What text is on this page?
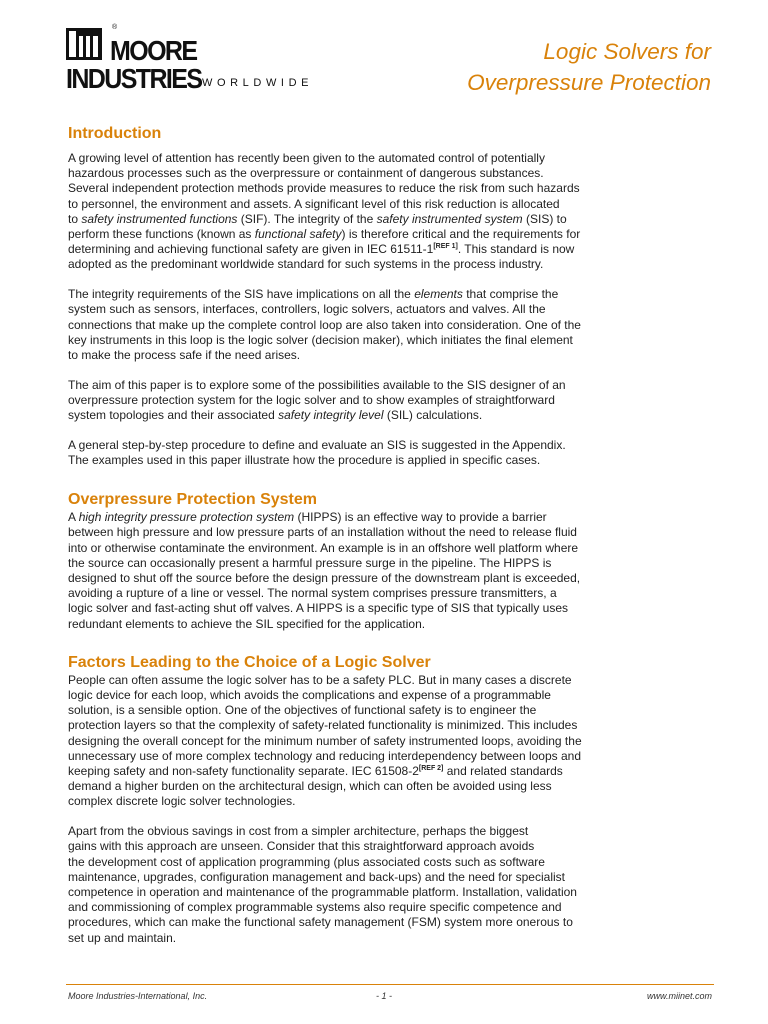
®
MOORE
INDUSTRIES WORLDWIDE
Logic Solvers for
Overpressure Protection
Introduction

A growing level of attention has recently been given to the automated control of potentially
hazardous processes such as the overpressure or containment of dangerous substances.
Several independent protection methods provide measures to reduce the risk from such hazards
to personnel, the environment and assets. A significant level of this risk reduction is allocated
to safety instrumented functions (SIF). The integrity of the safety instrumented system (SIS) to
perform these functions (known as functional safety) is therefore critical and the requirements for
determining and achieving functional safety are given in IEC 61511-1[REF 1]. This standard is now
adopted as the predominant worldwide standard for such systems in the process industry.

The integrity requirements of the SIS have implications on all the elements that comprise the
system such as sensors, interfaces, controllers, logic solvers, actuators and valves. All the
connections that make up the complete control loop are also taken into consideration. One of the
key instruments in this loop is the logic solver (decision maker), which initiates the final element
to make the process safe if the need arises.

The aim of this paper is to explore some of the possibilities available to the SIS designer of an
overpressure protection system for the logic solver and to show examples of straightforward
system topologies and their associated safety integrity level (SIL) calculations.

A general step-by-step procedure to define and evaluate an SIS is suggested in the Appendix.
The examples used in this paper illustrate how the procedure is applied in specific cases.

Overpressure Protection System

A high integrity pressure protection system (HIPPS) is an effective way to provide a barrier
between high pressure and low pressure parts of an installation without the need to release fluid
into or otherwise contaminate the environment. An example is in an offshore well platform where
the source can occasionally present a harmful pressure surge in the pipeline. The HIPPS is
designed to shut off the source before the design pressure of the downstream plant is exceeded,
avoiding a rupture of a line or vessel. The normal system comprises pressure transmitters, a
logic solver and fast-acting shut off valves. A HIPPS is a specific type of SIS that typically uses
redundant elements to achieve the SIL specified for the application.

Factors Leading to the Choice of a Logic Solver

People can often assume the logic solver has to be a safety PLC. But in many cases a discrete
logic device for each loop, which avoids the complications and expense of a programmable
solution, is a sensible option. One of the objectives of functional safety is to engineer the
protection layers so that the complexity of safety-related functionality is minimized. This includes
designing the overall concept for the minimum number of safety instrumented loops, avoiding the
unnecessary use of more complex technology and reducing interdependency between loops and
keeping safety and non-safety functionality separate. IEC 61508-2[REF 2] and related standards
demand a higher burden on the architectural design, which can often be avoided using less
complex discrete logic solver technologies.

Apart from the obvious savings in cost from a simpler architecture, perhaps the biggest
gains with this approach are unseen. Consider that this straightforward approach avoids
the development cost of application programming (plus associated costs such as software
maintenance, upgrades, configuration management and back-ups) and the need for specialist
competence in operation and maintenance of the programmable platform. Installation, validation
and commissioning of complex programmable systems also require specific competence and
procedures, which can make the functional safety management (FSM) system more onerous to
set up and maintain.

Moore Industries-International, Inc.	- 1 -	www.miinet.com
